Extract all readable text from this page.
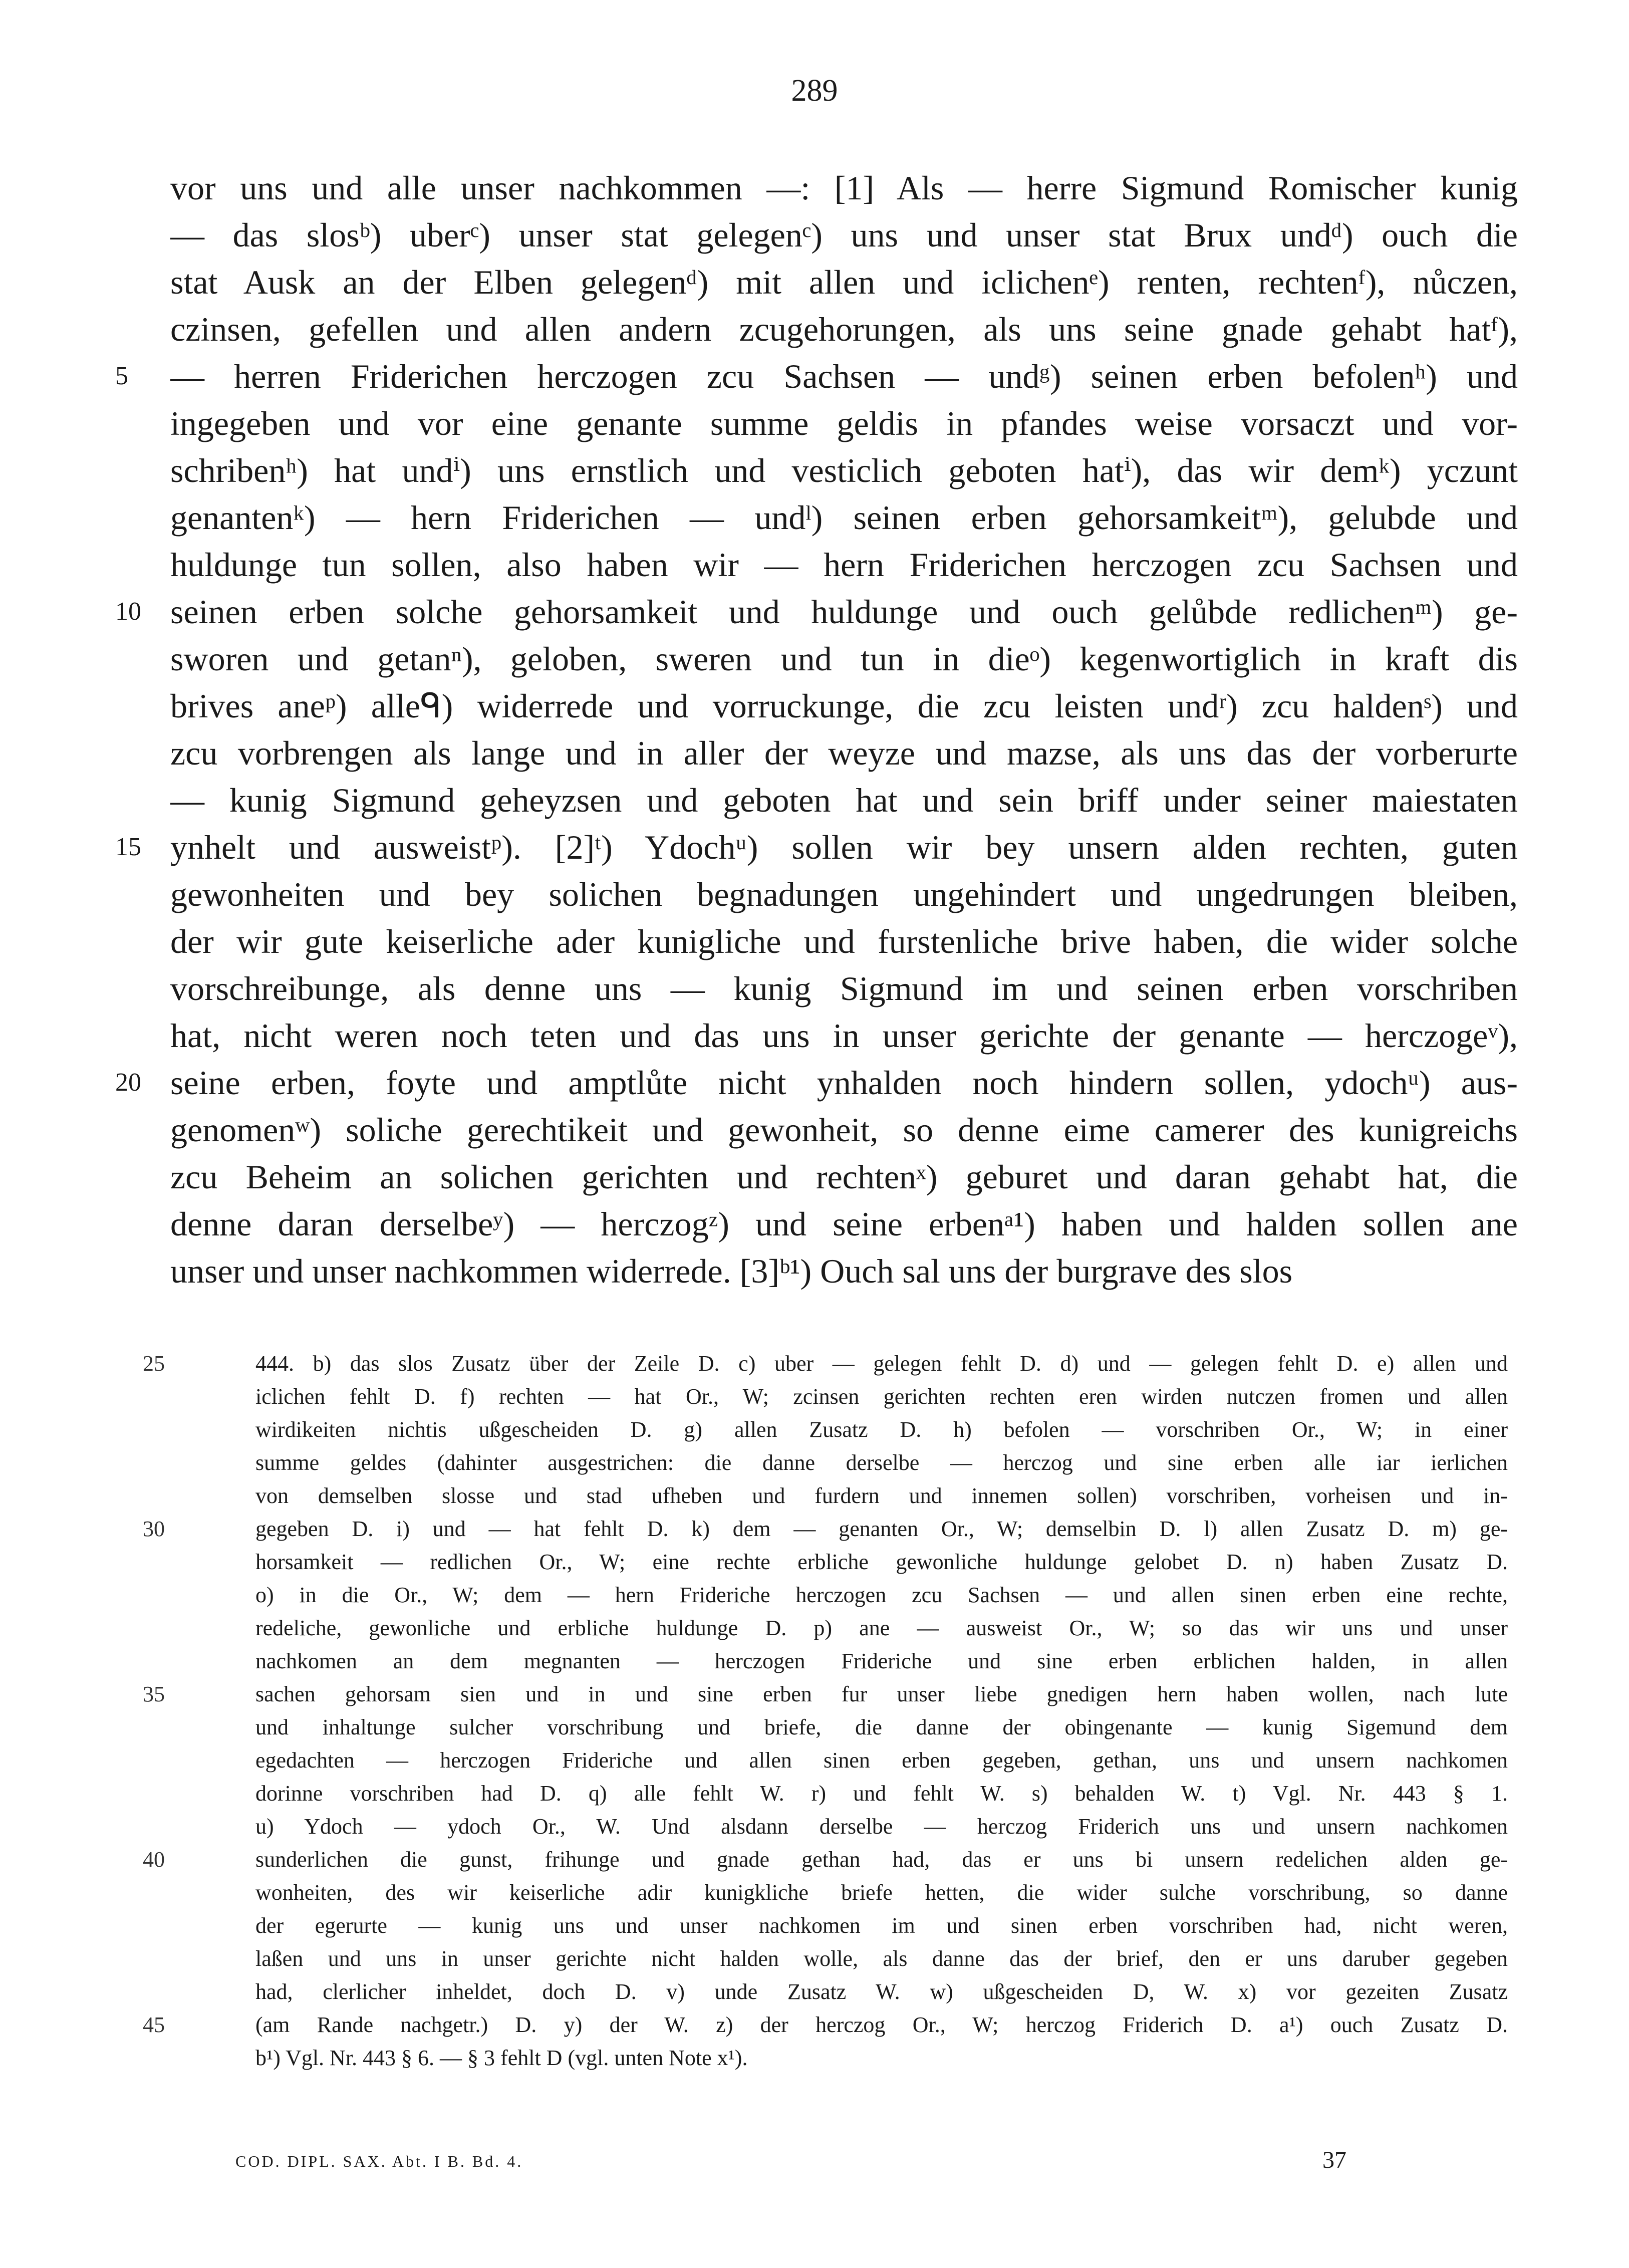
289
vor uns und alle unser nachkommen —: [1] Als — herre Sigmund Romischer kunig
— das slosᵇ) uberᶜ) unser stat gelegenᶜ) uns und unser stat Brux undᵈ) ouch die
stat Ausk an der Elben gelegenᵈ) mit allen und iclichenᵉ) renten, rechtenᶠ), nůczen,
czinsen, gefellen und allen andern zcugehorungen, als uns seine gnade gehabt hatᶠ),
— herren Friderichen herczogen zcu Sachsen — undᵍ) seinen erben befolenʰ) und
5
ingegeben und vor eine genante summe geldis in pfandes weise vorsaczt und vor-
schribenʰ) hat undⁱ) uns ernstlich und vesticlich geboten hatⁱ), das wir demᵏ) yczunt
genantenᵏ) — hern Friderichen — undˡ) seinen erben gehorsamkeitᵐ), gelubde und
huldunge tun sollen, also haben wir — hern Friderichen herczogen zcu Sachsen und
seinen erben solche gehorsamkeit und huldunge und ouch gelůbde redlichenᵐ) ge-
10
sworen und getanⁿ), geloben, sweren und tun in dieᵒ) kegenwortiglich in kraft dis
brives aneᵖ) alleᑫ) widerrede und vorruckunge, die zcu leisten undʳ) zcu haldenˢ) und
zcu vorbrengen als lange und in aller der weyze und mazse, als uns das der vorberurte
— kunig Sigmund geheyzsen und geboten hat und sein briff under seiner maiestaten
ynhelt und ausweistᵖ). [2]ᵗ) Ydochᵘ) sollen wir bey unsern alden rechten, guten
15
gewonheiten und bey solichen begnadungen ungehindert und ungedrungen bleiben,
der wir gute keiserliche ader kunigliche und furstenliche brive haben, die wider solche
vorschreibunge, als denne uns — kunig Sigmund im und seinen erben vorschriben
hat, nicht weren noch teten und das uns in unser gerichte der genante — herczogeᵛ),
seine erben, foyte und amptlůte nicht ynhalden noch hindern sollen, ydochᵘ) aus-
20
genomenʷ) soliche gerechtikeit und gewonheit, so denne eime camerer des kunigreichs
zcu Beheim an solichen gerichten und rechtenˣ) geburet und daran gehabt hat, die
denne daran derselbeʸ) — herczogᶻ) und seine erbenᵃ¹) haben und halden sollen ane
unser und unser nachkommen widerrede. [3]ᵇ¹) Ouch sal uns der burgrave des slos
444. b) das slos Zusatz über der Zeile D. c) uber — gelegen fehlt D. d) und — gelegen fehlt D. e) allen und
25
iclichen fehlt D. f) rechten — hat Or., W; zcinsen gerichten rechten eren wirden nutczen fromen und allen
wirdikeiten nichtis ußgescheiden D. g) allen Zusatz D. h) befolen — vorschriben Or., W; in einer
summe geldes (dahinter ausgestrichen: die danne derselbe — herczog und sine erben alle iar ierlichen
von demselben slosse und stad ufheben und furdern und innemen sollen) vorschriben, vorheisen und in-
gegeben D. i) und — hat fehlt D. k) dem — genanten Or., W; demselbin D. l) allen Zusatz D. m) ge-
30
horsamkeit — redlichen Or., W; eine rechte erbliche gewonliche huldunge gelobet D. n) haben Zusatz D.
o) in die Or., W; dem — hern Frideriche herczogen zcu Sachsen — und allen sinen erben eine rechte,
redeliche, gewonliche und erbliche huldunge D. p) ane — ausweist Or., W; so das wir uns und unser
nachkomen an dem megnanten — herczogen Frideriche und sine erben erblichen halden, in allen
sachen gehorsam sien und in und sine erben fur unser liebe gnedigen hern haben wollen, nach lute
35
und inhaltunge sulcher vorschribung und briefe, die danne der obingenante — kunig Sigemund dem
egedachten — herczogen Frideriche und allen sinen erben gegeben, gethan, uns und unsern nachkomen
dorinne vorschriben had D. q) alle fehlt W. r) und fehlt W. s) behalden W. t) Vgl. Nr. 443 § 1.
u) Ydoch — ydoch Or., W. Und alsdann derselbe — herczog Friderich uns und unsern nachkomen
sunderlichen die gunst, frihunge und gnade gethan had, das er uns bi unsern redelichen alden ge-
40
wonheiten, des wir keiserliche adir kunigkliche briefe hetten, die wider sulche vorschribung, so danne
der egerurte — kunig uns und unser nachkomen im und sinen erben vorschriben had, nicht weren,
laßen und uns in unser gerichte nicht halden wolle, als danne das der brief, den er uns daruber gegeben
had, clerlicher inheldet, doch D. v) unde Zusatz W. w) ußgescheiden D, W. x) vor gezeiten Zusatz
(am Rande nachgetr.) D. y) der W. z) der herczog Or., W; herczog Friderich D. a¹) ouch Zusatz D.
45
b¹) Vgl. Nr. 443 § 6. — § 3 fehlt D (vgl. unten Note x¹).
COD. DIPL. SAX. Abt. I B. Bd. 4.	37
